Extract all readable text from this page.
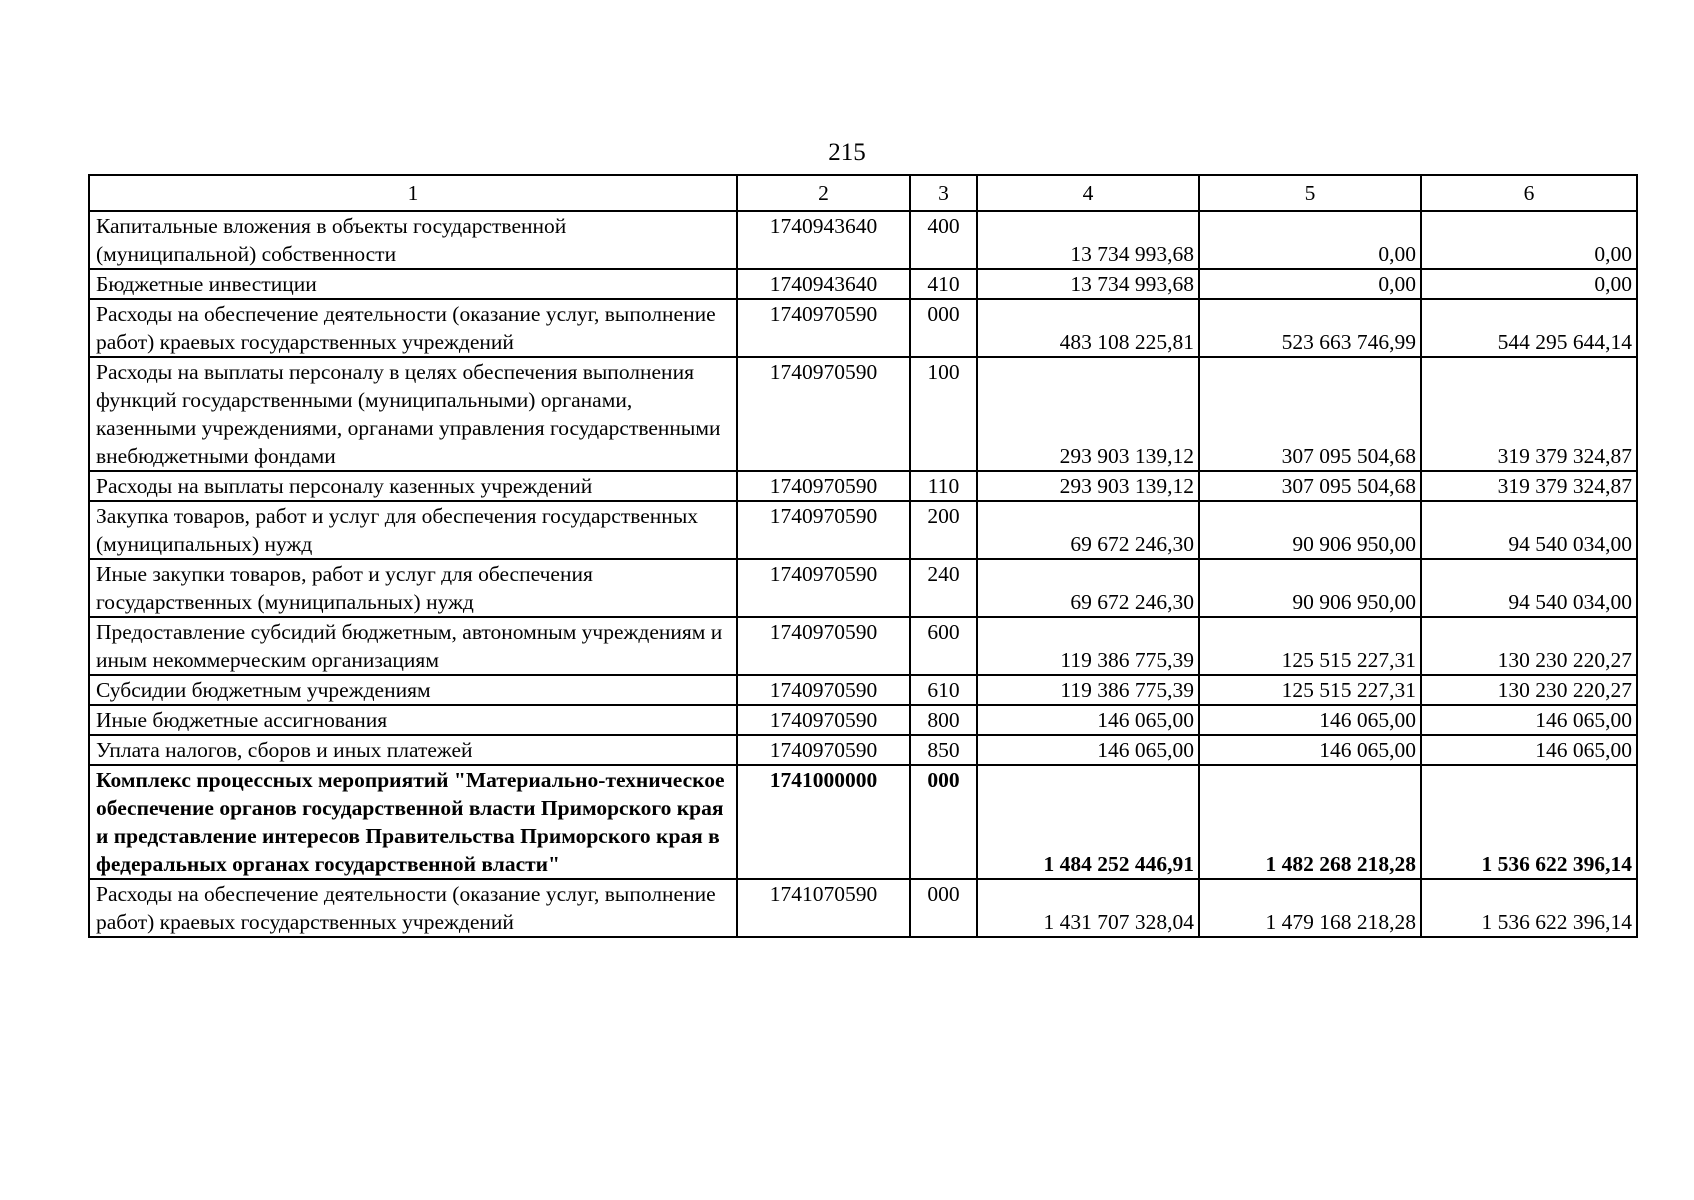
215
1	2	3	4	5	6
Капитальные вложения в объекты государственной (муниципальной) собственности	1740943640	400	13 734 993,68	0,00	0,00
Бюджетные инвестиции	1740943640	410	13 734 993,68	0,00	0,00
Расходы на обеспечение деятельности (оказание услуг, выполнение работ) краевых государственных учреждений	1740970590	000	483 108 225,81	523 663 746,99	544 295 644,14
Расходы на выплаты персоналу в целях обеспечения выполнения функций государственными (муниципальными) органами, казенными учреждениями, органами управления государственными внебюджетными фондами	1740970590	100	293 903 139,12	307 095 504,68	319 379 324,87
Расходы на выплаты персоналу казенных учреждений	1740970590	110	293 903 139,12	307 095 504,68	319 379 324,87
Закупка товаров, работ и услуг для обеспечения государственных (муниципальных) нужд	1740970590	200	69 672 246,30	90 906 950,00	94 540 034,00
Иные закупки товаров, работ и услуг для обеспечения государственных (муниципальных) нужд	1740970590	240	69 672 246,30	90 906 950,00	94 540 034,00
Предоставление субсидий бюджетным, автономным учреждениям и иным некоммерческим организациям	1740970590	600	119 386 775,39	125 515 227,31	130 230 220,27
Субсидии бюджетным учреждениям	1740970590	610	119 386 775,39	125 515 227,31	130 230 220,27
Иные бюджетные ассигнования	1740970590	800	146 065,00	146 065,00	146 065,00
Уплата налогов, сборов и иных платежей	1740970590	850	146 065,00	146 065,00	146 065,00
Комплекс процессных мероприятий "Материально-техническое обеспечение органов государственной власти Приморского края и представление интересов Правительства Приморского края в федеральных органах государственной власти"	1741000000	000	1 484 252 446,91	1 482 268 218,28	1 536 622 396,14
Расходы на обеспечение деятельности (оказание услуг, выполнение работ) краевых государственных учреждений	1741070590	000	1 431 707 328,04	1 479 168 218,28	1 536 622 396,14
